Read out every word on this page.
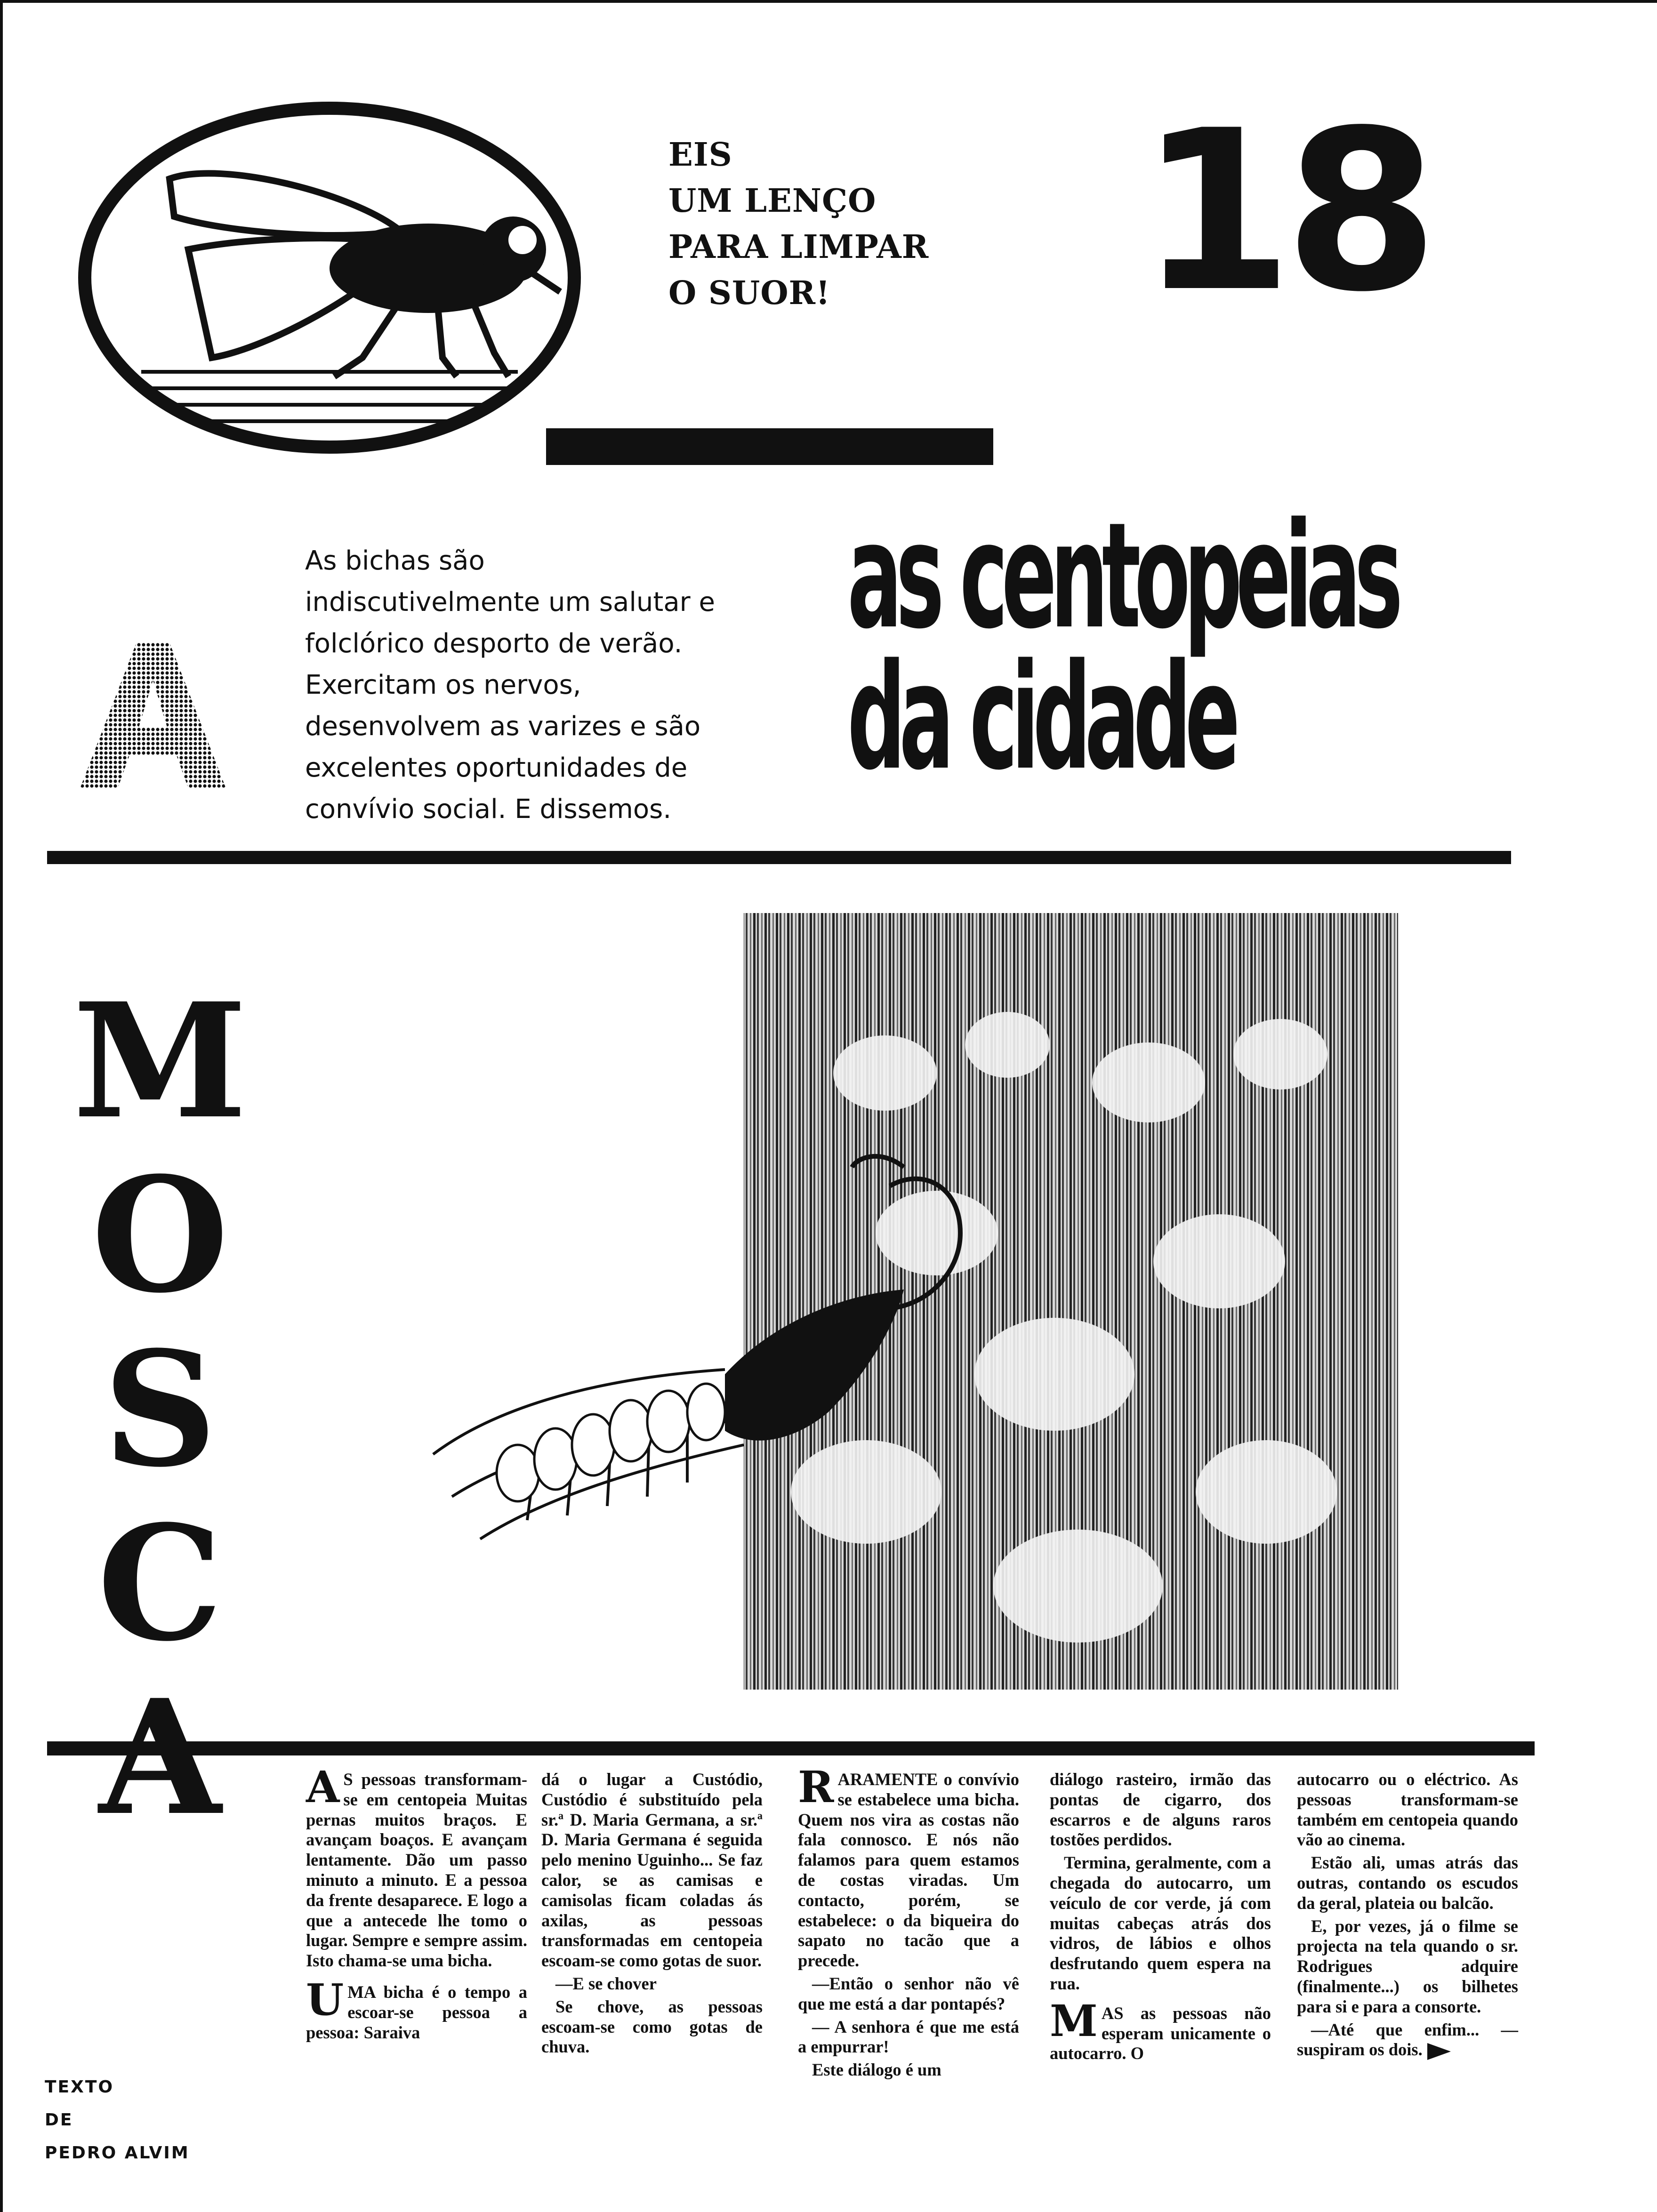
EIS
UM LENÇO
PARA LIMPAR
O SUOR!	18
As bichas são indiscutivelmente um salutar e folclórico desporto de verão. Exercitam os nervos, desenvolvem as varizes e são excelentes oportunidades de convívio social. E dissemos.
as centopeias
da cidade
M
O
S
C
A
TEXTO
DE
PEDRO ALVIM

A S pessoas transformam-se em centopeia Muitas pernas muitos braços. E avançam boaços. E avançam lentamente. Dão um passo minuto a minuto. E a pessoa da frente desaparece. E logo a que a antecede lhe tomo o lugar. Sempre e sempre assim. Isto chama-se uma bicha.

UMA bicha é o tempo a escoar-se pessoa a pessoa: Saraiva

dá o lugar a Custódio, Custódio é substituído pela sr.ª D. Maria Germana, a sr.ª D. Maria Germana é seguida pelo menino Uguinho... Se faz calor, se as camisas e camisolas ficam coladas ás axilas, as pessoas transformadas em centopeia escoam-se como gotas de suor.

—E se chover

Se chove, as pessoas escoam-se como gotas de chuva.

RARAMENTE o convívio se estabelece uma bicha. Quem nos vira as costas não fala connosco. E nós não falamos para quem estamos de costas viradas. Um contacto, porém, se estabelece: o da biqueira do sapato no tacão que a precede.

—Então o senhor não vê que me está a dar pontapés?

— A senhora é que me está a empurrar!

Este diálogo é um

diálogo rasteiro, irmão das pontas de cigarro, dos escarros e de alguns raros tostões perdidos.

Termina, geralmente, com a chegada do autocarro, um veículo de cor verde, já com muitas cabeças atrás dos vidros, de lábios e olhos desfrutando quem espera na rua.

MAS as pessoas não esperam unicamente o autocarro. O

autocarro ou o eléctrico. As pessoas transformam-se também em centopeia quando vão ao cinema.

Estão ali, umas atrás das outras, contando os escudos da geral, plateia ou balcão.

E, por vezes, já o filme se projecta na tela quando o sr. Rodrigues adquire (finalmente...) os bilhetes para si e para a consorte.

—Até que enfim... — suspiram os dois.
